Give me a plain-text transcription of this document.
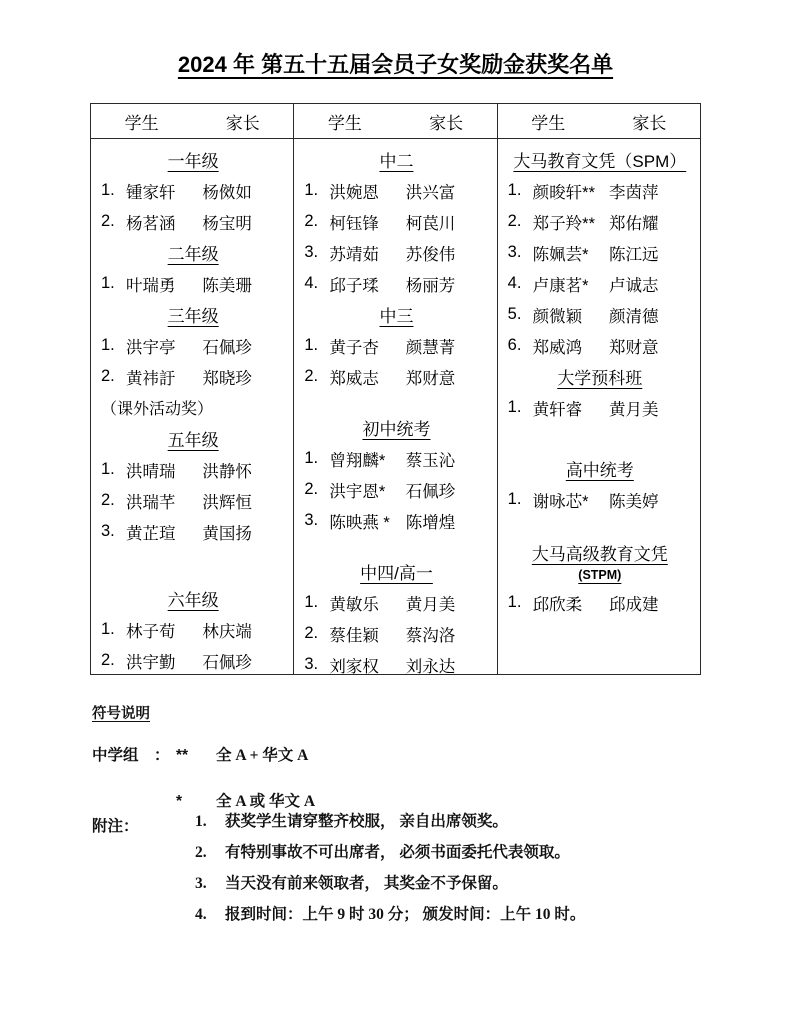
2024 年 第五十五届会员子女奖励金获奖名单
学生	家长	学生	家长	学生	家长
一年级
1. 锺家轩	杨傚如
2. 杨茗涵	杨宝明
二年级
1. 叶瑞勇	陈美珊
三年级
1. 洪宇亭	石佩珍
2. 黄祎訏	郑晓珍
（课外活动奖）
五年级
1. 洪晴瑞	洪静怀
2. 洪瑞芊	洪辉恒
3. 黄芷瑄	黄国扬
六年级
1. 林子荀	林庆端
2. 洪宇勤	石佩珍
中二
1. 洪婉恩	洪兴富
2. 柯钰锋	柯苠川
3. 苏靖茹	苏俊伟
4. 邱子瑈	杨丽芳
中三
1. 黄子杏	颜慧菁
2. 郑威志	郑财意
初中统考
1. 曾翔麟*	蔡玉沁
2. 洪宇恩*	石佩珍
3. 陈映燕 * 陈增煌
中四/高一
1. 黄敏乐	黄月美
2. 蔡佳颖	蔡沟洛
3. 刘家权	刘永达
大马教育文凭（SPM）
1. 颜晙轩** 李茵萍
2. 郑子羚** 郑佑耀
3. 陈姵芸*	陈江远
4. 卢康茗*	卢诚志
5. 颜微颖	颜清德
6. 郑威鸿	郑财意
大学预科班
1. 黄轩睿	黄月美
高中统考
1. 谢咏芯*	陈美婷
大马高级教育文凭
(STPM)
1. 邱欣柔	邱成建
符号说明
中学组 ： **	全 A + 华文 A
*	全 A 或 华文 A
附注：	1.	获奖学生请穿整齐校服， 亲自出席领奖。
2.	有特别事故不可出席者， 必须书面委托代表领取。
3.	当天没有前来领取者， 其奖金不予保留。
4.	报到时间：上午 9 时 30 分； 颁发时间：上午 10 时。
